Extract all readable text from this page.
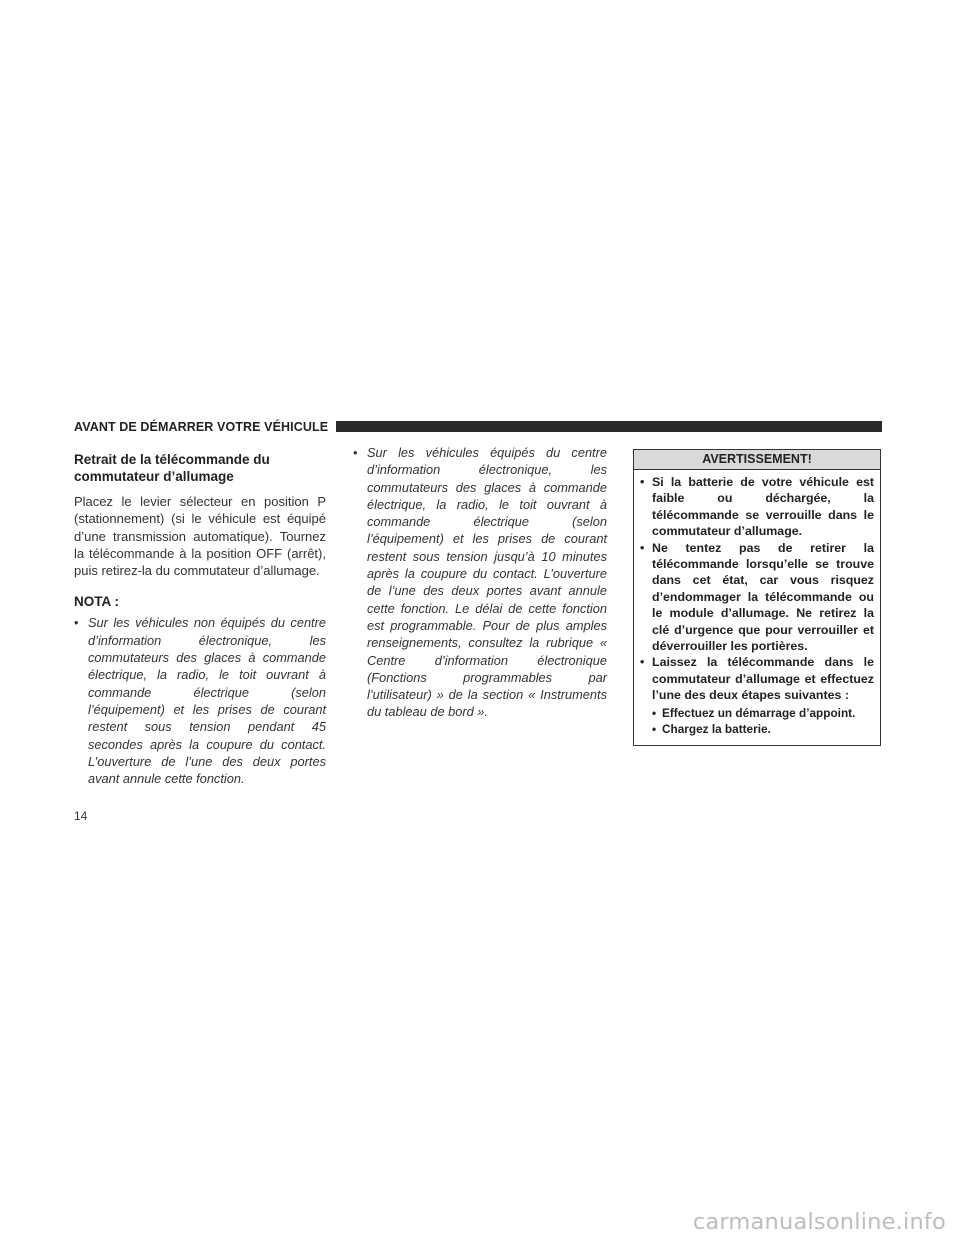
AVANT DE DÉMARRER VOTRE VÉHICULE
Retrait de la télécommande du commutateur d’allumage

Placez le levier sélecteur en position P (stationnement) (si le véhicule est équipé d’une transmission automatique). Tournez la télécommande à la position OFF (arrêt), puis retirez-la du commutateur d’allumage.

NOTA :
• Sur les véhicules non équipés du centre d’information électronique, les commutateurs des glaces à commande électrique, la radio, le toit ouvrant à commande électrique (selon l’équipement) et les prises de courant restent sous tension pendant 45 secondes après la coupure du contact. L’ouverture de l’une des deux portes avant annule cette fonction.
• Sur les véhicules équipés du centre d’information électronique, les commutateurs des glaces à commande électrique, la radio, le toit ouvrant à commande électrique (selon l’équipement) et les prises de courant restent sous tension jusqu’à 10 minutes après la coupure du contact. L’ouverture de l’une des deux portes avant annule cette fonction. Le délai de cette fonction est programmable. Pour de plus amples renseignements, consultez la rubrique « Centre d’information électronique (Fonctions programmables par l’utilisateur) » de la section « Instruments du tableau de bord ».
AVERTISSEMENT!
• Si la batterie de votre véhicule est faible ou déchargée, la télécommande se verrouille dans le commutateur d’allumage.
• Ne tentez pas de retirer la télécommande lorsqu’elle se trouve dans cet état, car vous risquez d’endommager la télécommande ou le module d’allumage. Ne retirez la clé d’urgence que pour verrouiller et déverrouiller les portières.
• Laissez la télécommande dans le commutateur d’allumage et effectuez l’une des deux étapes suivantes :
• Effectuez un démarrage d’appoint.
• Chargez la batterie.
14
carmanualsonline.info
